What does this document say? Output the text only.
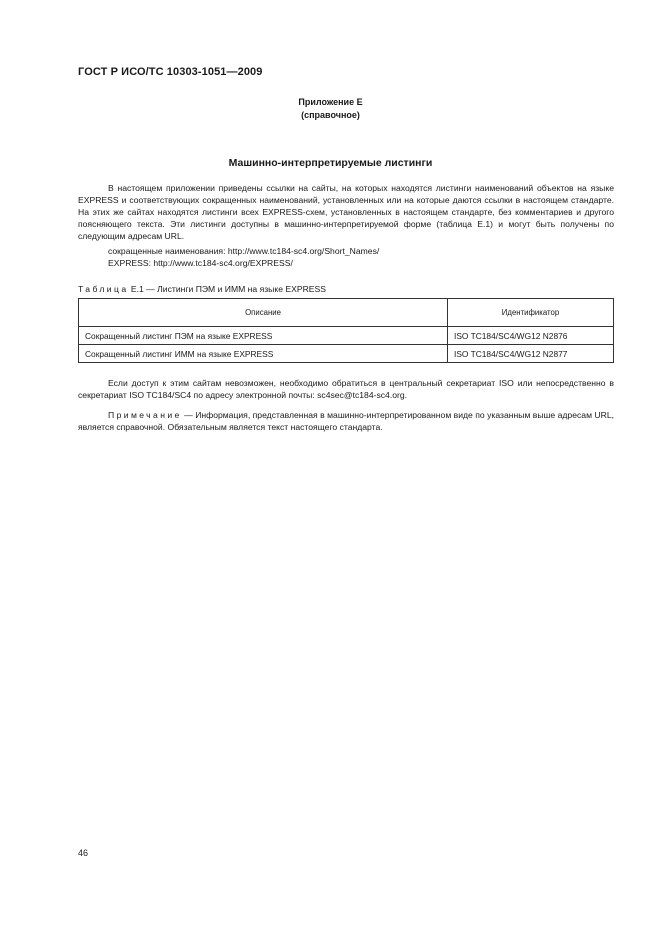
ГОСТ Р ИСО/ТС 10303-1051—2009
Приложение Е
(справочное)
Машинно-интерпретируемые листинги
В настоящем приложении приведены ссылки на сайты, на которых находятся листинги наименований объектов на языке EXPRESS и соответствующих сокращенных наименований, установленных или на которые даются ссылки в настоящем стандарте. На этих же сайтах находятся листинги всех EXPRESS-схем, установленных в настоящем стандарте, без комментариев и другого поясняющего текста. Эти листинги доступны в машинно-интерпретируемой форме (таблица Е.1) и могут быть получены по следующим адресам URL.
сокращенные наименования: http://www.tc184-sc4.org/Short_Names/
EXPRESS: http://www.tc184-sc4.org/EXPRESS/
Таблица Е.1 — Листинги ПЭМ и ИММ на языке EXPRESS
Описание	Идентификатор
Сокращенный листинг ПЭМ на языке EXPRESS	ISO TC184/SC4/WG12 N2876
Сокращенный листинг ИММ на языке EXPRESS	ISO TC184/SC4/WG12 N2877
Если доступ к этим сайтам невозможен, необходимо обратиться в центральный секретариат ISO или непосредственно в секретариат ISO TC184/SC4 по адресу электронной почты: sc4sec@tc184-sc4.org.
Примечание — Информация, представленная в машинно-интерпретированном виде по указанным выше адресам URL, является справочной. Обязательным является текст настоящего стандарта.
46
